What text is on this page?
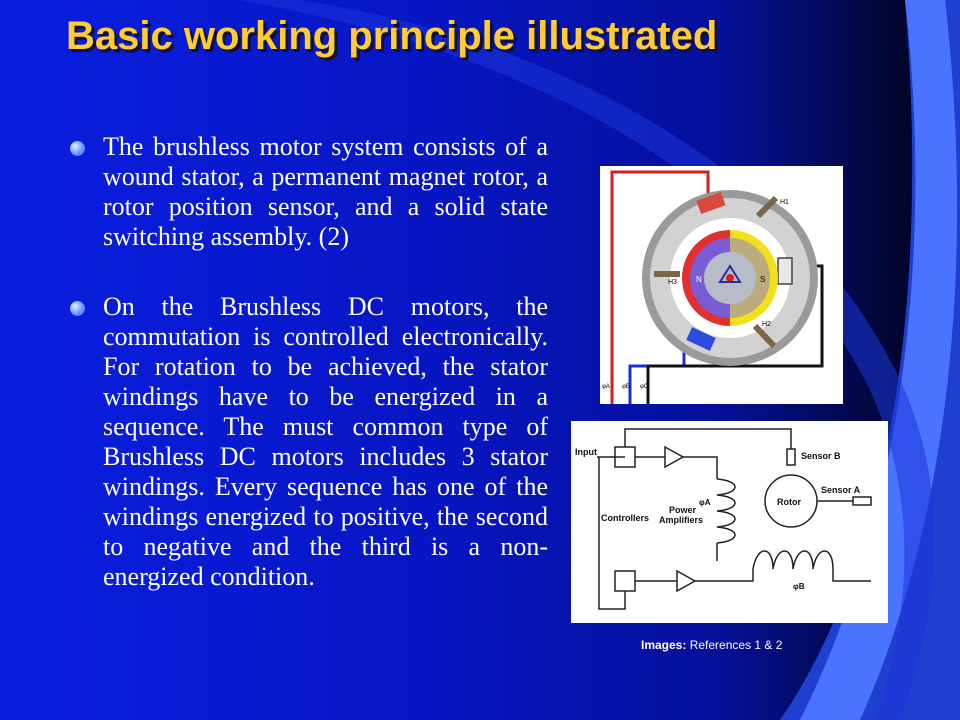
Basic working principle illustrated
The brushless motor system consists of a wound stator, a permanent magnet rotor, a rotor position sensor, and a solid state switching assembly. (2)
On the Brushless DC motors, the commutation is controlled electronically. For rotation to be achieved, the stator windings have to be energized in a sequence. The must common type of Brushless DC motors includes 3 stator windings. Every sequence has one of the windings energized to positive, the second to negative and the third is a non-energized condition.
H1
H2
H3 N	S
φA φB φC
Input	Sensor B
Sensor A
Rotor
Controllers
Power
Amplifiers
φA
φB
Images: References 1 & 2
